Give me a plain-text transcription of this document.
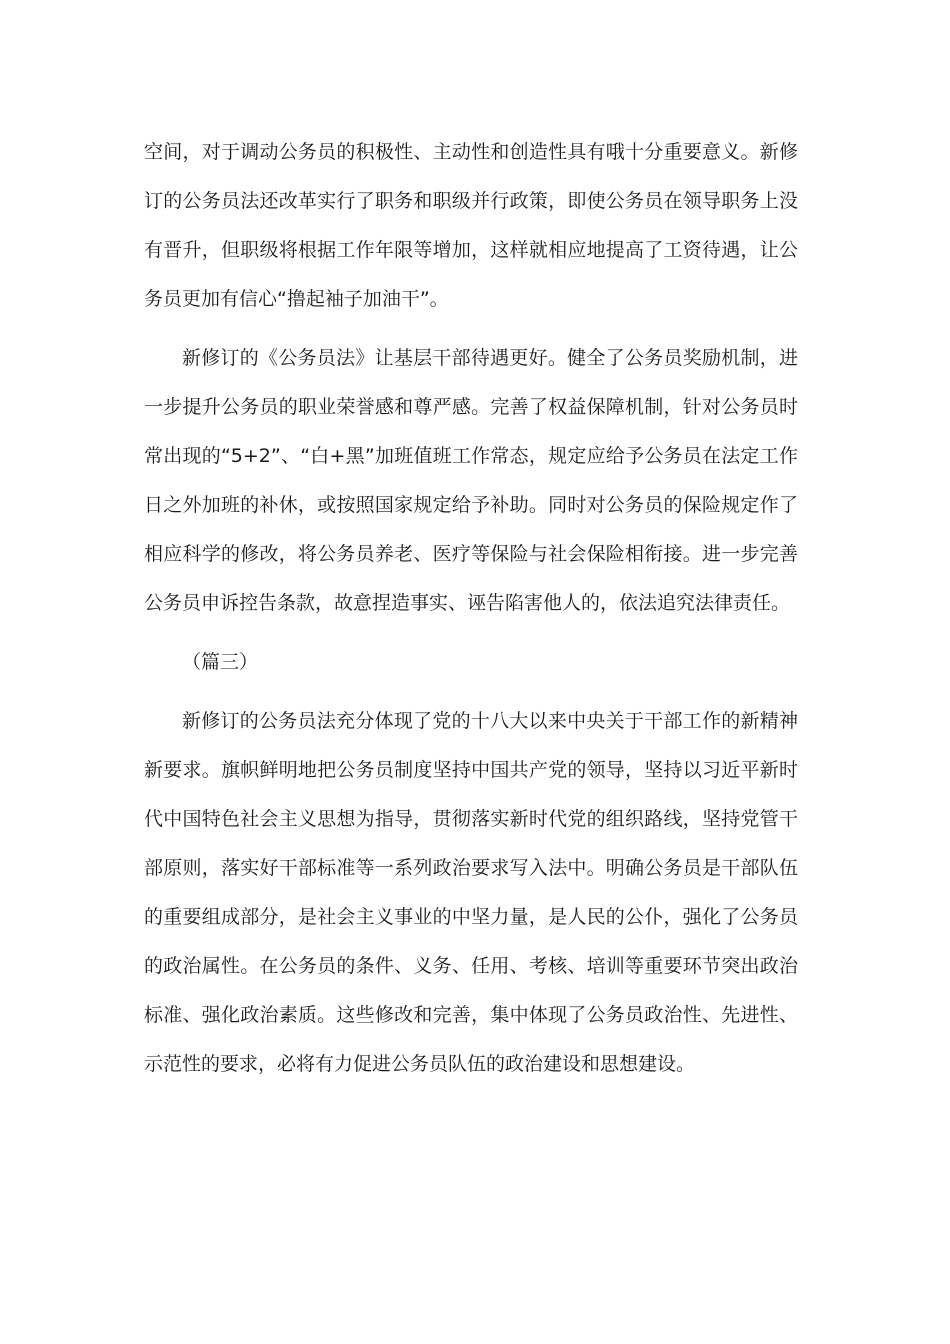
空间，对于调动公务员的积极性、主动性和创造性具有哦十分重要意义。新修订的公务员法还改革实行了职务和职级并行政策，即使公务员在领导职务上没有晋升，但职级将根据工作年限等增加，这样就相应地提高了工资待遇，让公务员更加有信心“撸起袖子加油干”。

新修订的《公务员法》让基层干部待遇更好。健全了公务员奖励机制，进一步提升公务员的职业荣誉感和尊严感。完善了权益保障机制，针对公务员时常出现的“5+2”、“白+黑”加班值班工作常态，规定应给予公务员在法定工作日之外加班的补休，或按照国家规定给予补助。同时对公务员的保险规定作了相应科学的修改，将公务员养老、医疗等保险与社会保险相衔接。进一步完善公务员申诉控告条款，故意捏造事实、诬告陷害他人的，依法追究法律责任。

（篇三）

新修订的公务员法充分体现了党的十八大以来中央关于干部工作的新精神新要求。旗帜鲜明地把公务员制度坚持中国共产党的领导，坚持以习近平新时代中国特色社会主义思想为指导，贯彻落实新时代党的组织路线，坚持党管干部原则，落实好干部标准等一系列政治要求写入法中。明确公务员是干部队伍的重要组成部分，是社会主义事业的中坚力量，是人民的公仆，强化了公务员的政治属性。在公务员的条件、义务、任用、考核、培训等重要环节突出政治标准、强化政治素质。这些修改和完善，集中体现了公务员政治性、先进性、示范性的要求，必将有力促进公务员队伍的政治建设和思想建设。
